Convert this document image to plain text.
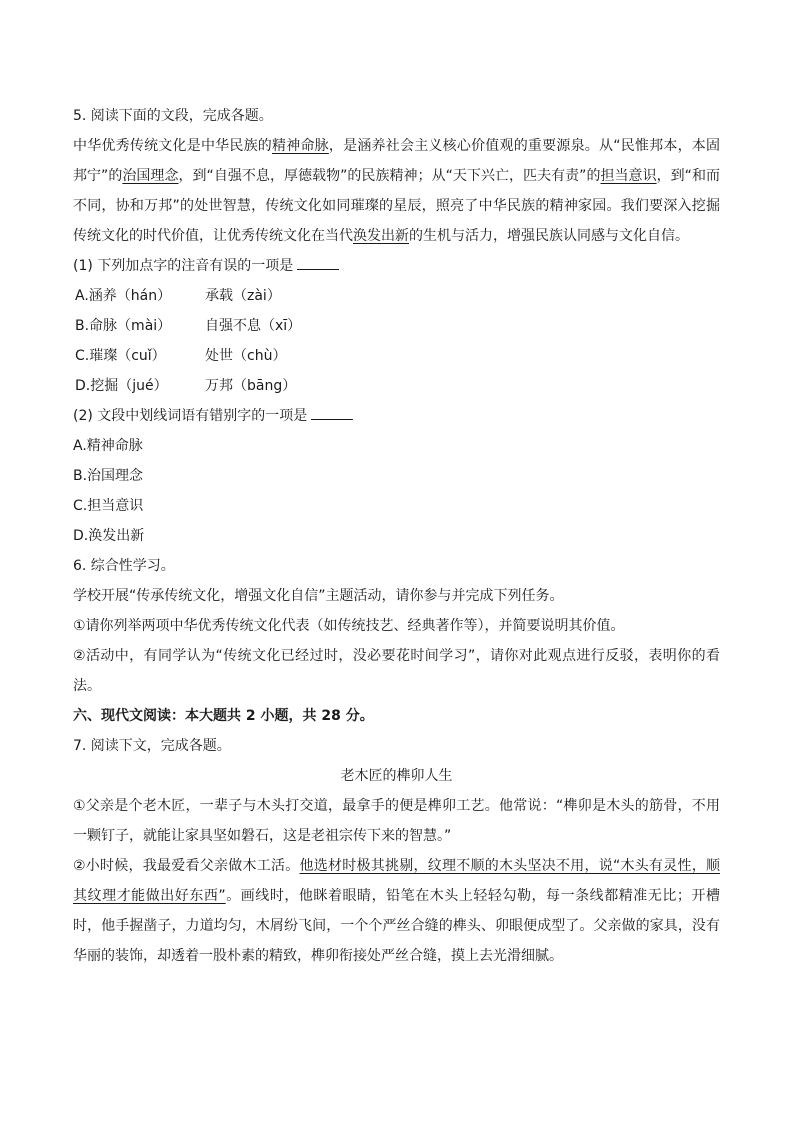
5. 阅读下面的文段，完成各题。
中华优秀传统文化是中华民族的精神命脉，是涵养社会主义核心价值观的重要源泉。从“民惟邦本，本固邦宁”的治国理念，到“自强不息，厚德载物”的民族精神；从“天下兴亡，匹夫有责”的担当意识，到“和而不同，协和万邦”的处世智慧，传统文化如同璀璨的星辰，照亮了中华民族的精神家园。我们要深入挖掘传统文化的时代价值，让优秀传统文化在当代涣发出新的生机与活力，增强民族认同感与文化自信。
(1) 下列加点字的注音有误的一项是
A.涵养（hán） 承载（zài）
B.命脉（mài） 自强不息（xī）
C.璀璨（cuǐ）	处世（chù）
D.挖掘（jué）	万邦（bāng）
(2) 文段中划线词语有错别字的一项是
A.精神命脉
B.治国理念
C.担当意识
D.涣发出新
6. 综合性学习。
学校开展“传承传统文化，增强文化自信”主题活动，请你参与并完成下列任务。
①请你列举两项中华优秀传统文化代表（如传统技艺、经典著作等），并简要说明其价值。
②活动中，有同学认为“传统文化已经过时，没必要花时间学习”，请你对此观点进行反驳，表明你的看法。
六、现代文阅读：本大题共 2 小题，共 28 分。
7. 阅读下文，完成各题。
老木匠的榫卯人生
①父亲是个老木匠，一辈子与木头打交道，最拿手的便是榫卯工艺。他常说：“榫卯是木头的筋骨，不用一颗钉子，就能让家具坚如磐石，这是老祖宗传下来的智慧。”
②小时候，我最爱看父亲做木工活。他选材时极其挑剔，纹理不顺的木头坚决不用，说“木头有灵性，顺其纹理才能做出好东西”。画线时，他眯着眼睛，铅笔在木头上轻轻勾勒，每一条线都精准无比；开槽时，他手握凿子，力道均匀，木屑纷飞间，一个个严丝合缝的榫头、卯眼便成型了。父亲做的家具，没有华丽的装饰，却透着一股朴素的精致，榫卯衔接处严丝合缝，摸上去光滑细腻。
